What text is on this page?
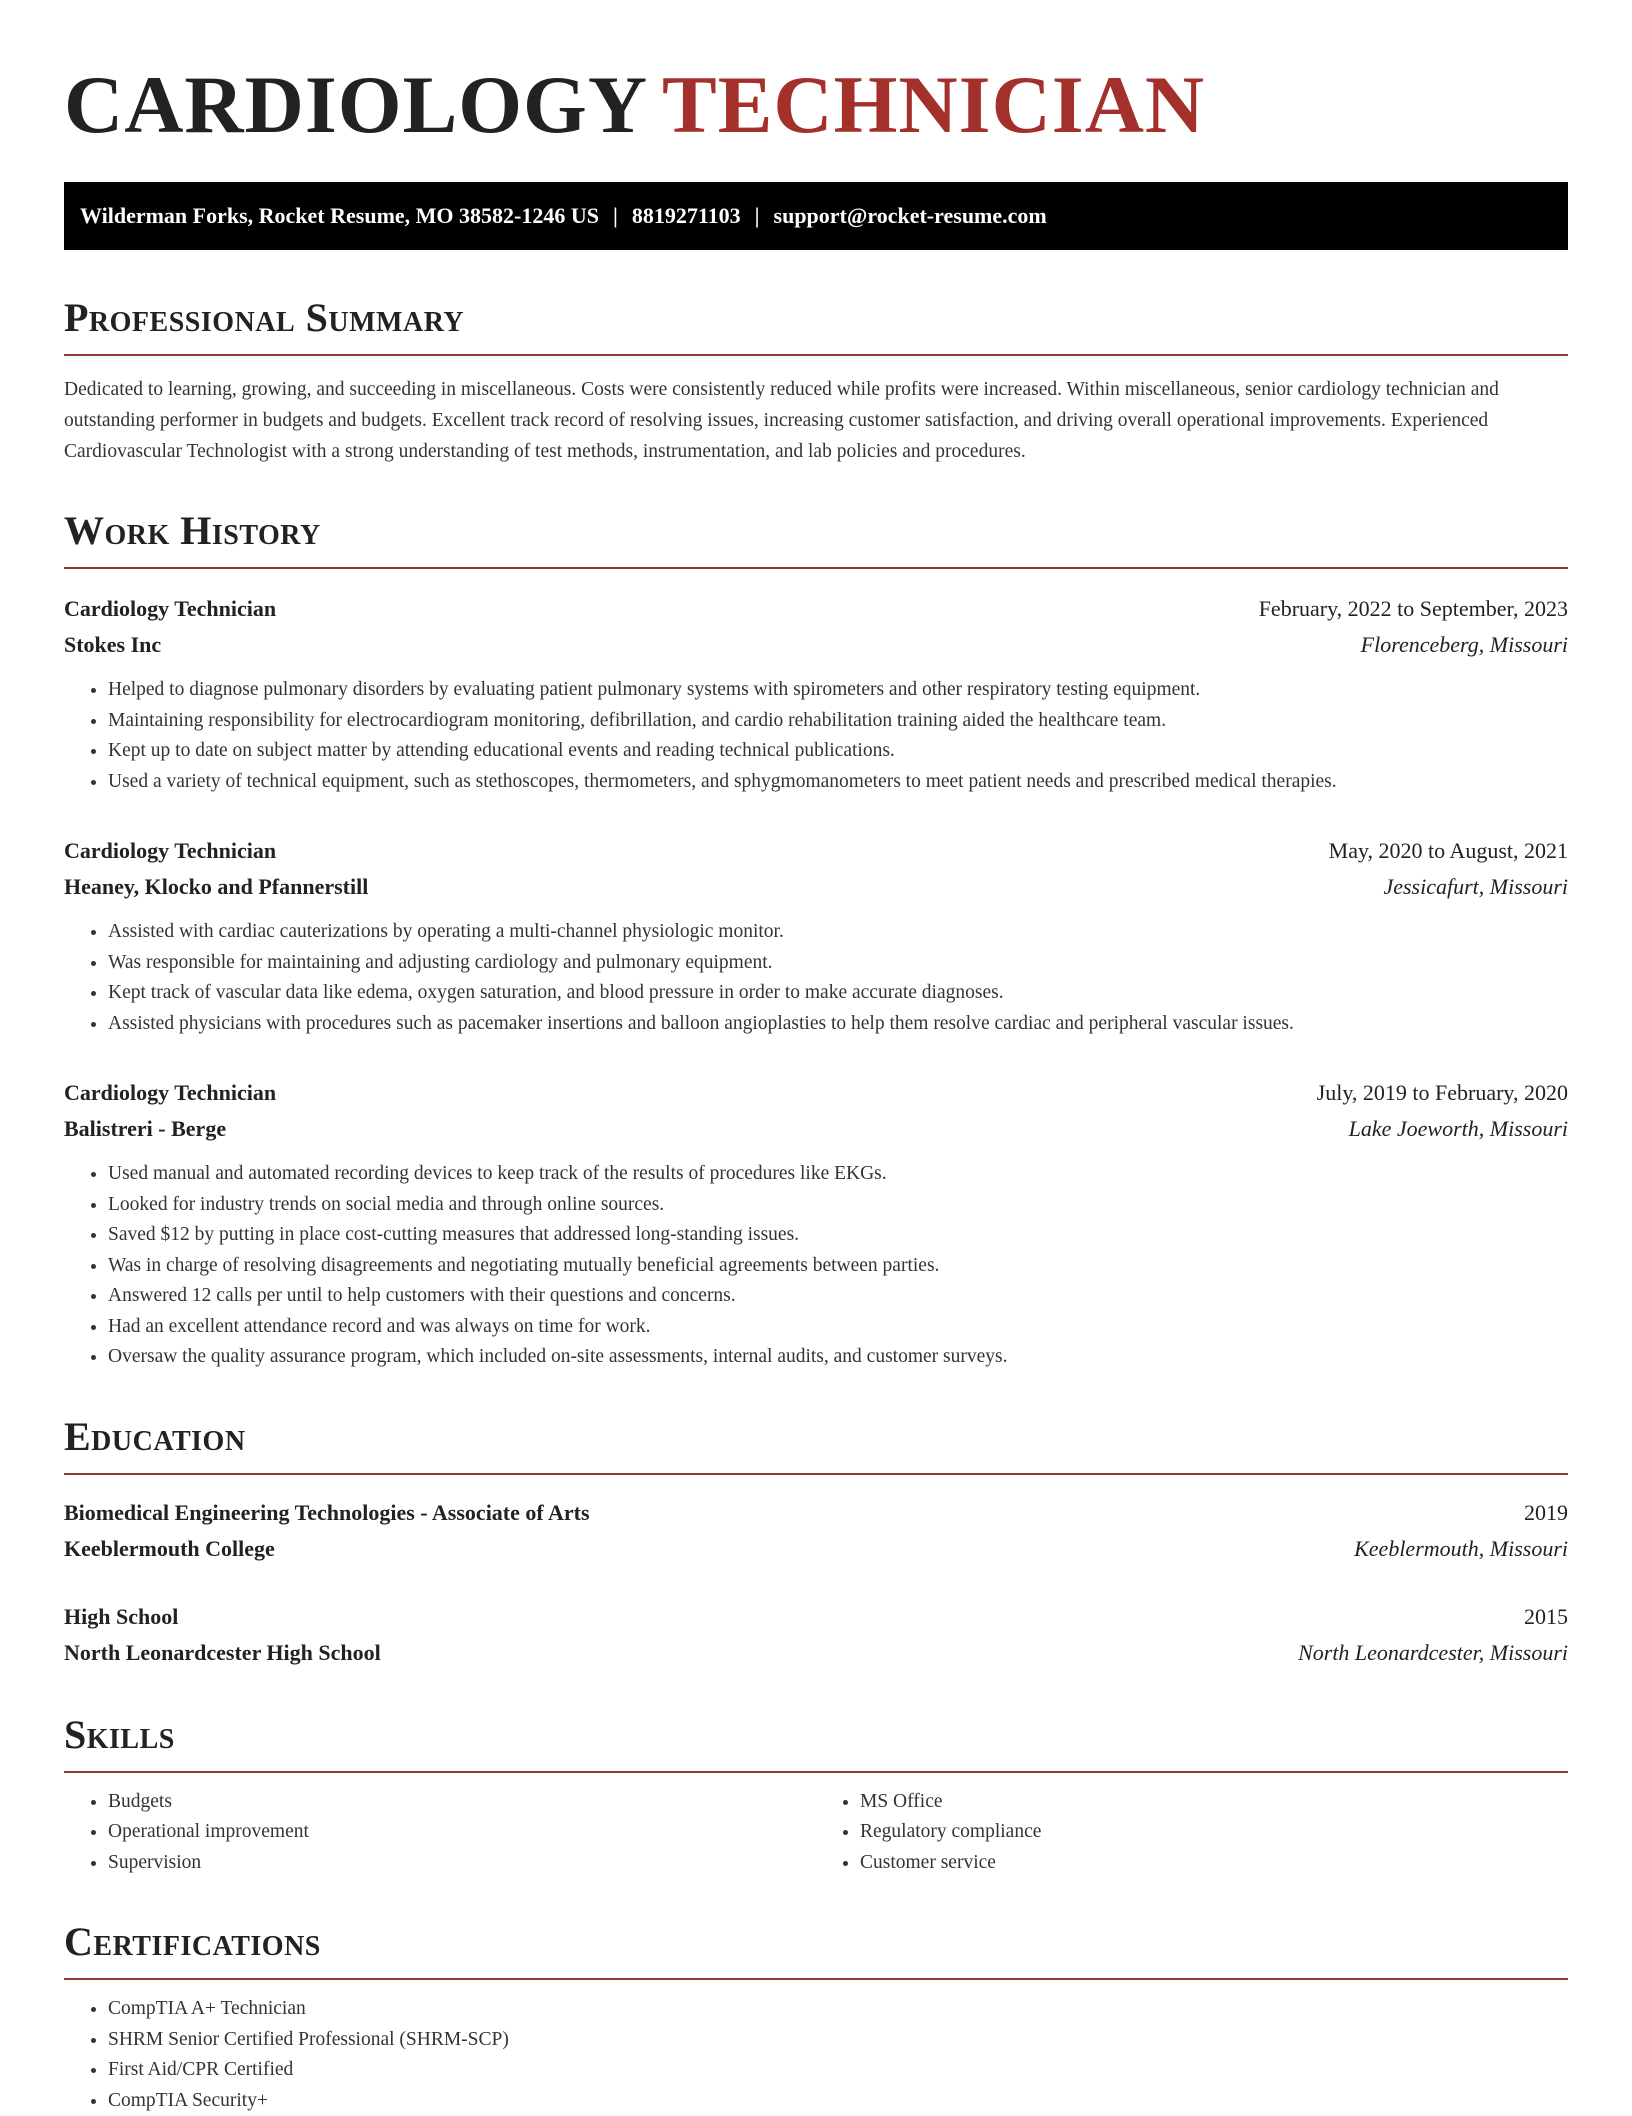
CARDIOLOGY TECHNICIAN
Wilderman Forks, Rocket Resume, MO 38582-1246 US | 8819271103 | support@rocket-resume.com
Professional Summary

Dedicated to learning, growing, and succeeding in miscellaneous. Costs were consistently reduced while profits were increased. Within miscellaneous, senior cardiology technician and outstanding performer in budgets and budgets. Excellent track record of resolving issues, increasing customer satisfaction, and driving overall operational improvements. Experienced Cardiovascular Technologist with a strong understanding of test methods, instrumentation, and lab policies and procedures.

Work History
Cardiology Technician	February, 2022 to September, 2023
Stokes Inc	Florenceberg, Missouri
• Helped to diagnose pulmonary disorders by evaluating patient pulmonary systems with spirometers and other respiratory testing equipment.
• Maintaining responsibility for electrocardiogram monitoring, defibrillation, and cardio rehabilitation training aided the healthcare team.
• Kept up to date on subject matter by attending educational events and reading technical publications.
• Used a variety of technical equipment, such as stethoscopes, thermometers, and sphygmomanometers to meet patient needs and prescribed medical therapies.
Cardiology Technician	May, 2020 to August, 2021
Heaney, Klocko and Pfannerstill	Jessicafurt, Missouri
• Assisted with cardiac cauterizations by operating a multi-channel physiologic monitor.
• Was responsible for maintaining and adjusting cardiology and pulmonary equipment.
• Kept track of vascular data like edema, oxygen saturation, and blood pressure in order to make accurate diagnoses.
• Assisted physicians with procedures such as pacemaker insertions and balloon angioplasties to help them resolve cardiac and peripheral vascular issues.
Cardiology Technician	July, 2019 to February, 2020
Balistreri - Berge	Lake Joeworth, Missouri
• Used manual and automated recording devices to keep track of the results of procedures like EKGs.
• Looked for industry trends on social media and through online sources.
• Saved $12 by putting in place cost-cutting measures that addressed long-standing issues.
• Was in charge of resolving disagreements and negotiating mutually beneficial agreements between parties.
• Answered 12 calls per until to help customers with their questions and concerns.
• Had an excellent attendance record and was always on time for work.
• Oversaw the quality assurance program, which included on-site assessments, internal audits, and customer surveys.
Education
Biomedical Engineering Technologies - Associate of Arts	2019
Keeblermouth College	Keeblermouth, Missouri
High School	2015
North Leonardcester High School	North Leonardcester, Missouri
Skills
• Budgets
• Operational improvement
• Supervision
• MS Office
• Regulatory compliance
• Customer service
Certifications
• CompTIA A+ Technician
• SHRM Senior Certified Professional (SHRM-SCP)
• First Aid/CPR Certified
• CompTIA Security+
